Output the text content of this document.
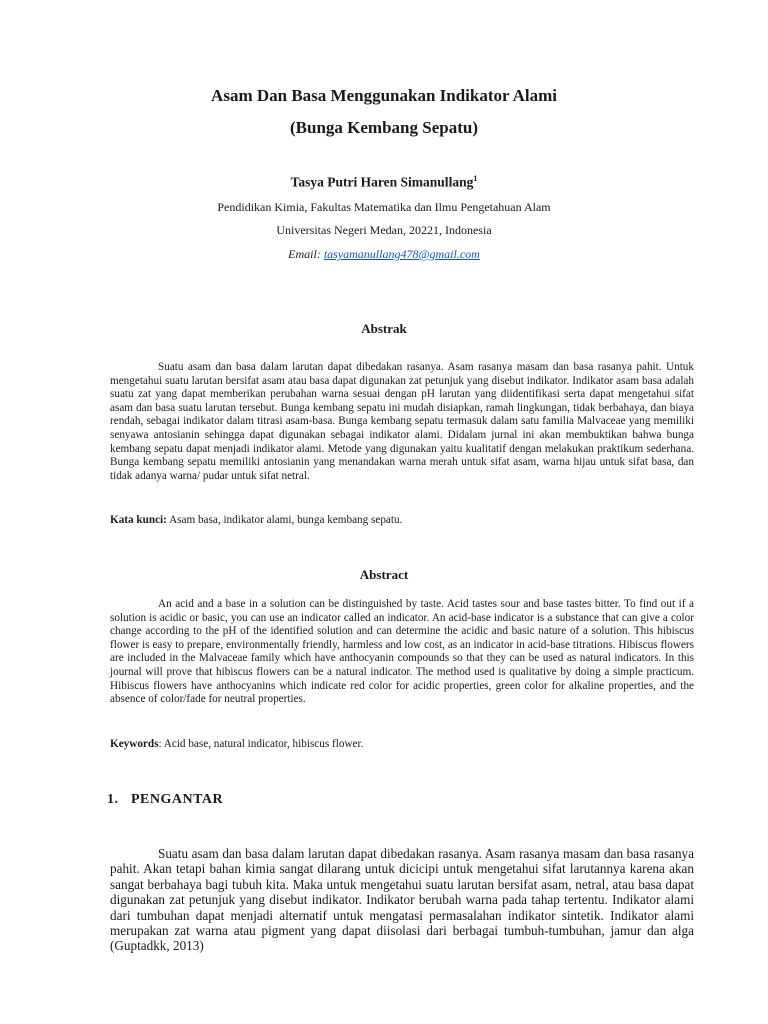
Asam Dan Basa Menggunakan Indikator Alami
(Bunga Kembang Sepatu)
Tasya Putri Haren Simanullang$^1$
Pendidikan Kimia, Fakultas Matematika dan Ilmu Pengetahuan Alam
Universitas Negeri Medan, 20221, Indonesia
Email: tasyamanullang478@gmail.com
Abstrak

Suatu asam dan basa dalam larutan dapat dibedakan rasanya. Asam rasanya masam dan basa rasanya pahit. Untuk mengetahui suatu larutan bersifat asam atau basa dapat digunakan zat petunjuk yang disebut indikator. Indikator asam basa adalah suatu zat yang dapat memberikan perubahan warna sesuai dengan pH larutan yang diidentifikasi serta dapat mengetahui sifat asam dan basa suatu larutan tersebut. Bunga kembang sepatu ini mudah disiapkan, ramah lingkungan, tidak berbahaya, dan biaya rendah, sebagai indikator dalam titrasi asam-basa. Bunga kembang sepatu termasuk dalam satu familia Malvaceae yang memiliki senyawa antosianin sehingga dapat digunakan sebagai indikator alami. Didalam jurnal ini akan membuktikan bahwa bunga kembang sepatu dapat menjadi indikator alami. Metode yang digunakan yaitu kualitatif dengan melakukan praktikum sederhana. Bunga kembang sepatu memiliki antosianin yang menandakan warna merah untuk sifat asam, warna hijau untuk sifat basa, dan tidak adanya warna/ pudar untuk sifat netral.

Kata kunci: Asam basa, indikator alami, bunga kembang sepatu.

Abstract

An acid and a base in a solution can be distinguished by taste. Acid tastes sour and base tastes bitter. To find out if a solution is acidic or basic, you can use an indicator called an indicator. An acid-base indicator is a substance that can give a color change according to the pH of the identified solution and can determine the acidic and basic nature of a solution. This hibiscus flower is easy to prepare, environmentally friendly, harmless and low cost, as an indicator in acid-base titrations. Hibiscus flowers are included in the Malvaceae family which have anthocyanin compounds so that they can be used as natural indicators. In this journal will prove that hibiscus flowers can be a natural indicator. The method used is qualitative by doing a simple practicum. Hibiscus flowers have anthocyanins which indicate red color for acidic properties, green color for alkaline properties, and the absence of color/fade for neutral properties.

Keywords: Acid base, natural indicator, hibiscus flower.

1. PENGANTAR

Suatu asam dan basa dalam larutan dapat dibedakan rasanya. Asam rasanya masam dan basa rasanya pahit. Akan tetapi bahan kimia sangat dilarang untuk dicicipi untuk mengetahui sifat larutannya karena akan sangat berbahaya bagi tubuh kita. Maka untuk mengetahui suatu larutan bersifat asam, netral, atau basa dapat digunakan zat petunjuk yang disebut indikator. Indikator berubah warna pada tahap tertentu. Indikator alami dari tumbuhan dapat menjadi alternatif untuk mengatasi permasalahan indikator sintetik. Indikator alami merupakan zat warna atau pigment yang dapat diisolasi dari berbagai tumbuh-tumbuhan, jamur dan alga (Guptadkk, 2013)
